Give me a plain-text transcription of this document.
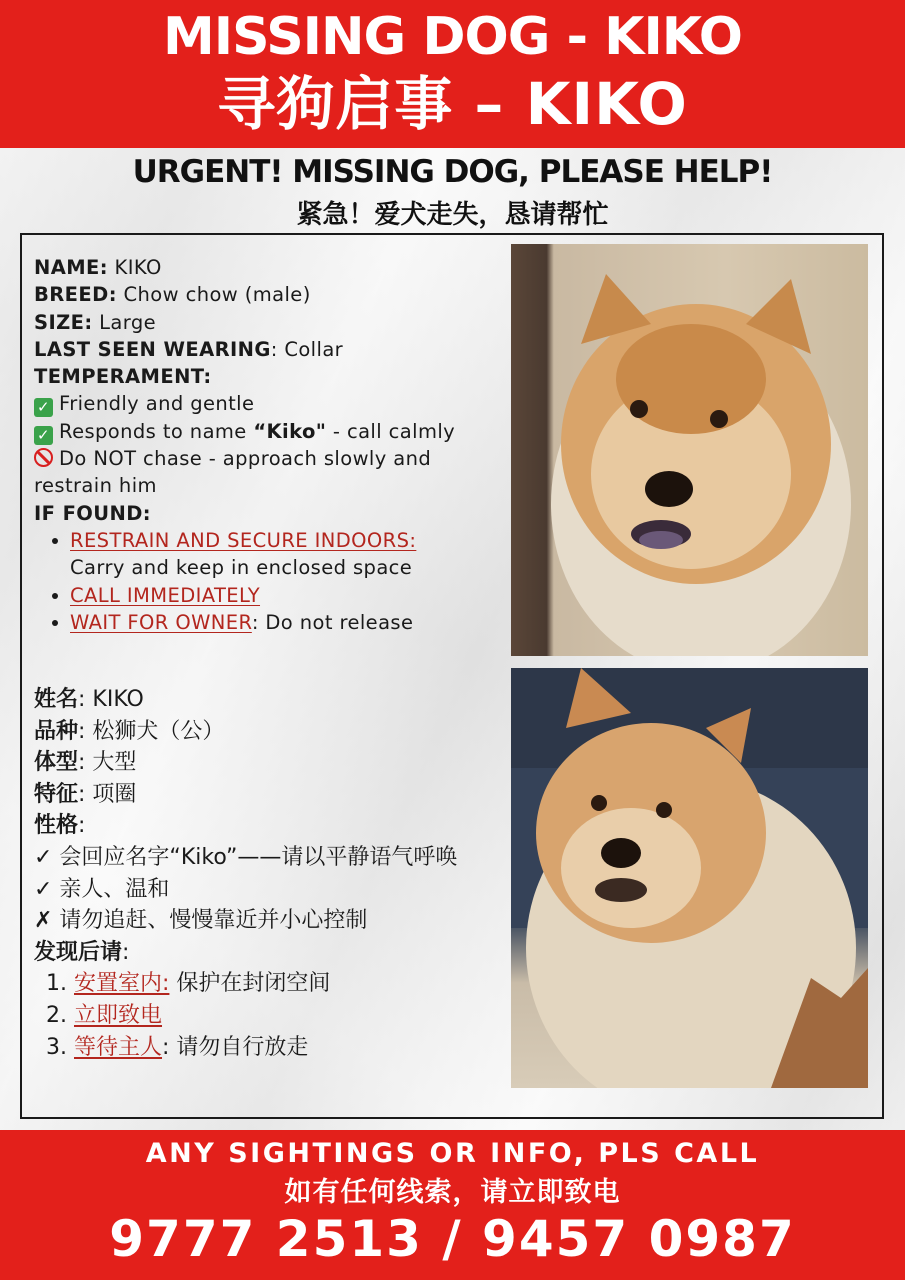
MISSING DOG - KIKO
寻狗启事 – KIKO
URGENT! MISSING DOG, PLEASE HELP!
紧急！爱犬走失，恳请帮忙
NAME: KIKO
BREED: Chow chow (male)
SIZE: Large
LAST SEEN WEARING: Collar
TEMPERAMENT:
✓ Friendly and gentle
✓ Responds to name “Kiko" - call calmly
Do NOT chase - approach slowly and restrain him
IF FOUND:
RESTRAIN AND SECURE INDOORS:
Carry and keep in enclosed space
CALL IMMEDIATELY
WAIT FOR OWNER: Do not release
姓名: KIKO
品种: 松狮犬（公）
体型: 大型
特征: 项圈
性格:
✓ 会回应名字“Kiko”——请以平静语气呼唤
✓ 亲人、温和
✗ 请勿追赶、慢慢靠近并小心控制
发现后请:
1. 安置室内: 保护在封闭空间
2. 立即致电
3. 等待主人: 请勿自行放走
ANY SIGHTINGS OR INFO, PLS CALL
如有任何线索，请立即致电
9777 2513 / 9457 0987
